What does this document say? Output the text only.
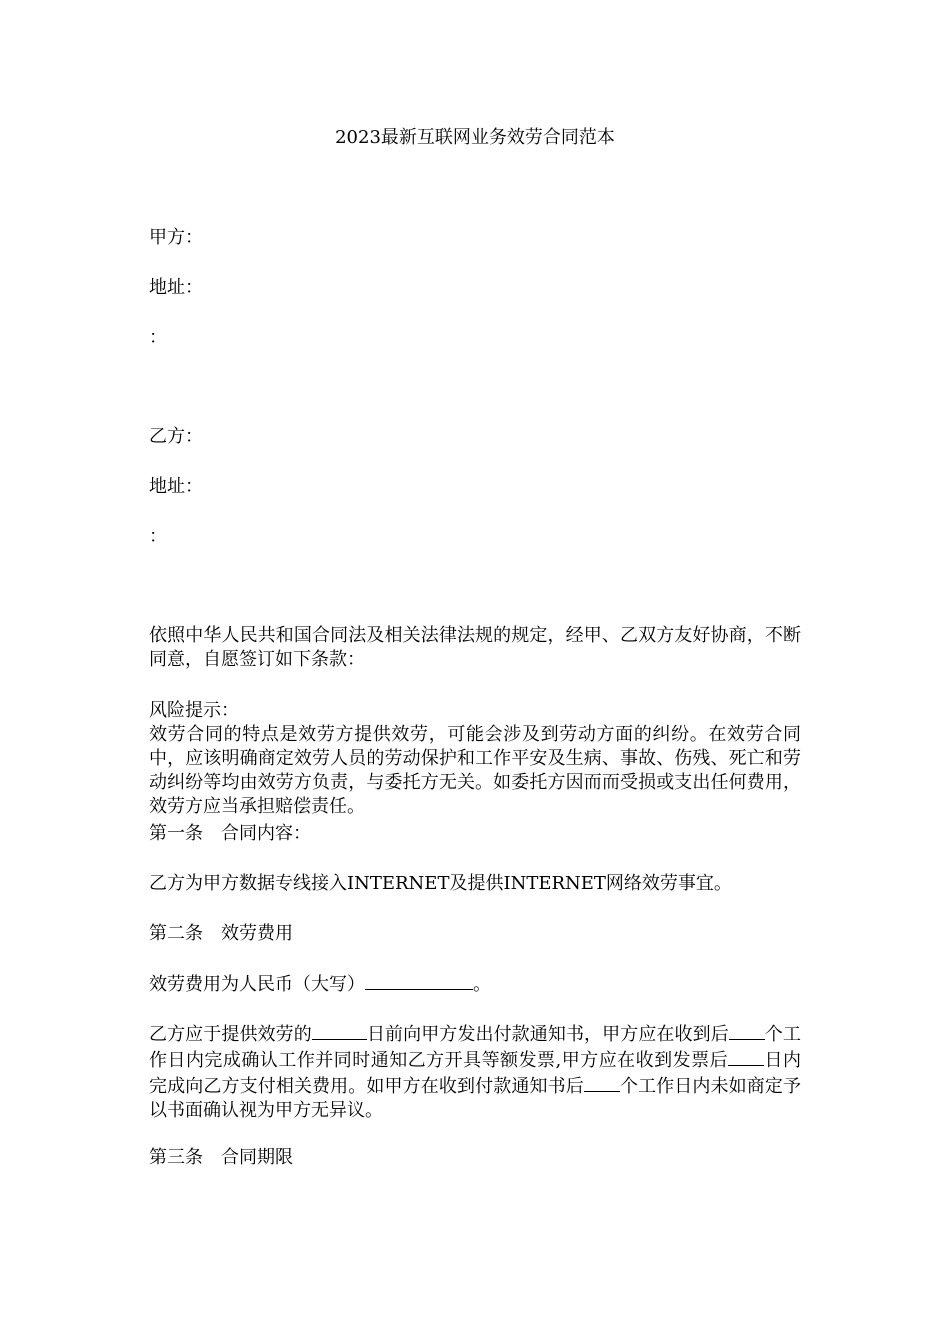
2023最新互联网业务效劳合同范本
甲方：
地址：
：
乙方：
地址：
：
依照中华人民共和国合同法及相关法律法规的规定，经甲、乙双方友好协商，不断同意，自愿签订如下条款：
风险提示：
效劳合同的特点是效劳方提供效劳，可能会涉及到劳动方面的纠纷。在效劳合同中，应该明确商定效劳人员的劳动保护和工作平安及生病、事故、伤残、死亡和劳动纠纷等均由效劳方负责，与委托方无关。如委托方因而而受损或支出任何费用，效劳方应当承担赔偿责任。
第一条　合同内容：
乙方为甲方数据专线接入INTERNET及提供INTERNET网络效劳事宜。
第二条　效劳费用
效劳费用为人民币（大写）	。
乙方应于提供效劳的	日前向甲方发出付款通知书，甲方应在收到后 个工作日内完成确认工作并同时通知乙方开具等额发票,甲方应在收到发票后 日内完成向乙方支付相关费用。如甲方在收到付款通知书后 个工作日内未如商定予以书面确认视为甲方无异议。
第三条　合同期限
